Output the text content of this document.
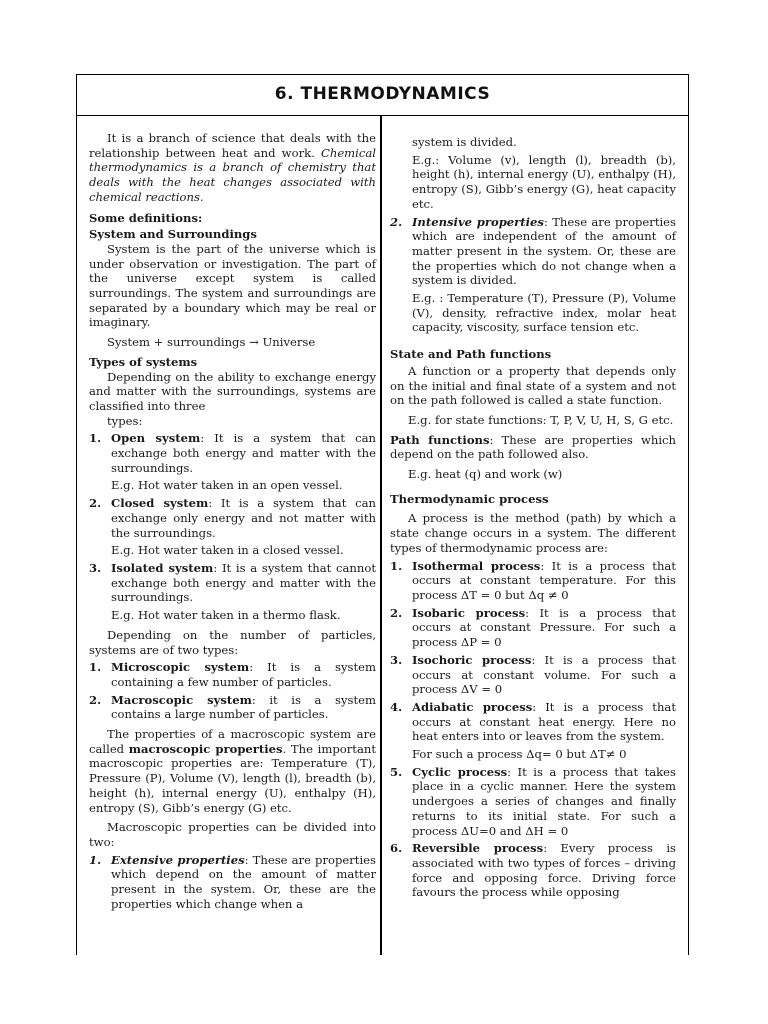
6. THERMODYNAMICS

It is a branch of science that deals with the relationship between heat and work. Chemical thermodynamics is a branch of chemistry that deals with the heat changes associated with chemical reactions.

Some definitions:

System and Surroundings

System is the part of the universe which is under observation or investigation. The part of the universe except system is called surroundings. The system and surroundings are separated by a boundary which may be real or imaginary.

System + surroundings → Universe

Types of systems

Depending on the ability to exchange energy and matter with the surroundings, systems are classified into three

types:

1. Open system: It is a system that can exchange both energy and matter with the surroundings.

E.g. Hot water taken in an open vessel.

2. Closed system: It is a system that can exchange only energy and not matter with the surroundings.

E.g. Hot water taken in a closed vessel.

3. Isolated system: It is a system that cannot exchange both energy and matter with the surroundings.

E.g. Hot water taken in a thermo flask.

Depending on the number of particles, systems are of two types:

1. Microscopic system: It is a system containing a few number of particles.
2. Macroscopic system: it is a system contains a large number of particles.

The properties of a macroscopic system are called macroscopic properties. The important macroscopic properties are: Temperature (T), Pressure (P), Volume (V), length (l), breadth (b), height (h), internal energy (U), enthalpy (H), entropy (S), Gibb’s energy (G) etc.

Macroscopic properties can be divided into two:

1. Extensive properties: These are properties which depend on the amount of matter present in the system. Or, these are the properties which change when a

system is divided.

E.g.: Volume (v), length (l), breadth (b), height (h), internal energy (U), enthalpy (H), entropy (S), Gibb’s energy (G), heat capacity etc.

2. Intensive properties: These are properties which are independent of the amount of matter present in the system. Or, these are the properties which do not change when a system is divided.

E.g. : Temperature (T), Pressure (P), Volume (V), density, refractive index, molar heat capacity, viscosity, surface tension etc.

State and Path functions

A function or a property that depends only on the initial and final state of a system and not on the path followed is called a state function.

E.g. for state functions: T, P, V, U, H, S, G etc.

Path functions: These are properties which depend on the path followed also.

E.g. heat (q) and work (w)

Thermodynamic process

A process is the method (path) by which a state change occurs in a system. The different types of thermodynamic process are:

1. Isothermal process: It is a process that occurs at constant temperature. For this process ΔT = 0 but Δq ≠ 0
2. Isobaric process: It is a process that occurs at constant Pressure. For such a process ΔP = 0
3. Isochoric process: It is a process that occurs at constant volume. For such a process ΔV = 0
4. Adiabatic process: It is a process that occurs at constant heat energy. Here no heat enters into or leaves from the system.

For such a process Δq= 0 but ΔT≠ 0

5. Cyclic process: It is a process that takes place in a cyclic manner. Here the system undergoes a series of changes and finally returns to its initial state. For such a process ΔU=0 and ΔH = 0
6. Reversible process: Every process is associated with two types of forces – driving force and opposing force. Driving force favours the process while opposing
